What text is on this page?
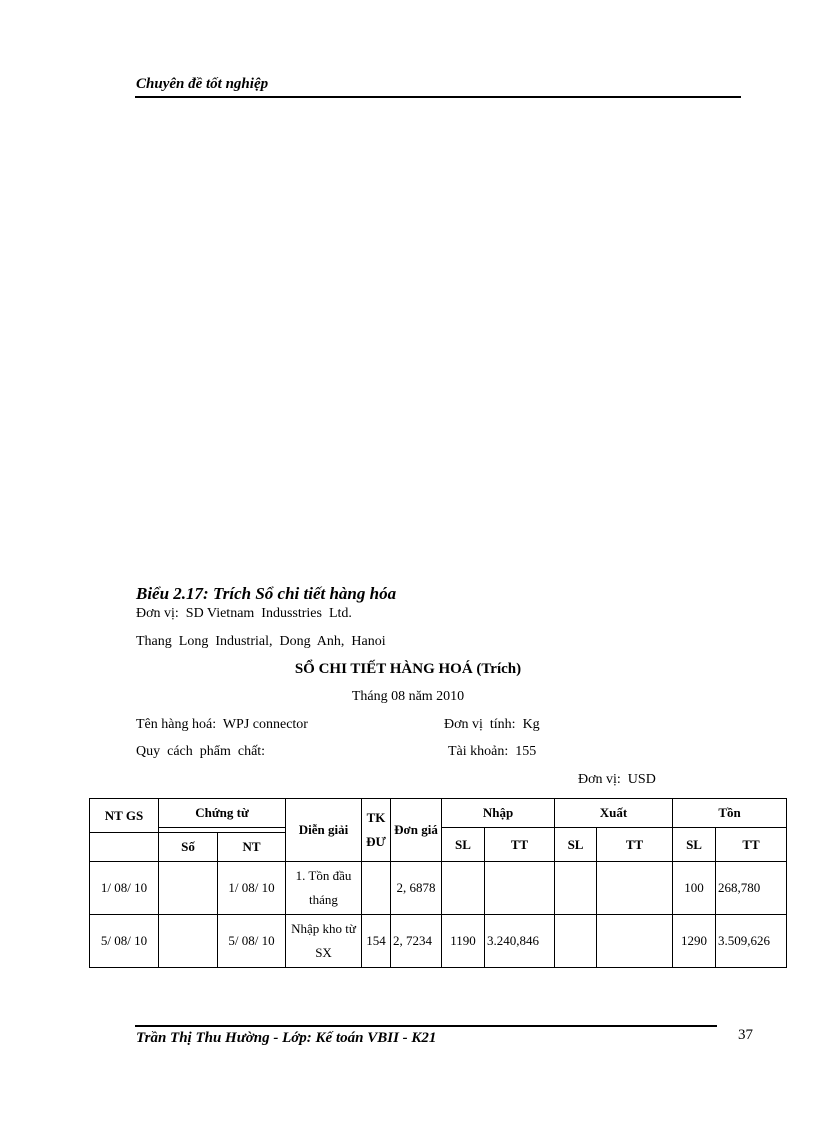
Chuyên đề tốt nghiệp
Biểu 2.17: Trích Sổ chi tiết hàng hóa
Đơn vị:  SD Vietnam  Indusstries  Ltd.
Thang  Long  Industrial,  Dong  Anh,  Hanoi
SỔ CHI TIẾT HÀNG HOÁ (Trích)
Tháng 08 năm 2010
Tên hàng hoá:  WPJ connector	Đơn vị  tính:  Kg
Quy  cách  phẩm  chất:	Tài khoản:  155
Đơn vị:  USD
NT GS	Chứng từ		Diễn giải	TK ĐƯ	Đơn giá	Nhập		Xuất		Tồn	
						SL	TT	SL	TT	SL	TT
	Số	NT									
1/ 08/ 10		1/ 08/ 10	1. Tồn đầu tháng		2, 6878					100	268,780
5/ 08/ 10		5/ 08/ 10	Nhập kho từ SX	154	2, 7234	1190	3.240,846			1290	3.509,626
Trần Thị Thu Hường - Lớp: Kế toán VBII - K21	37
